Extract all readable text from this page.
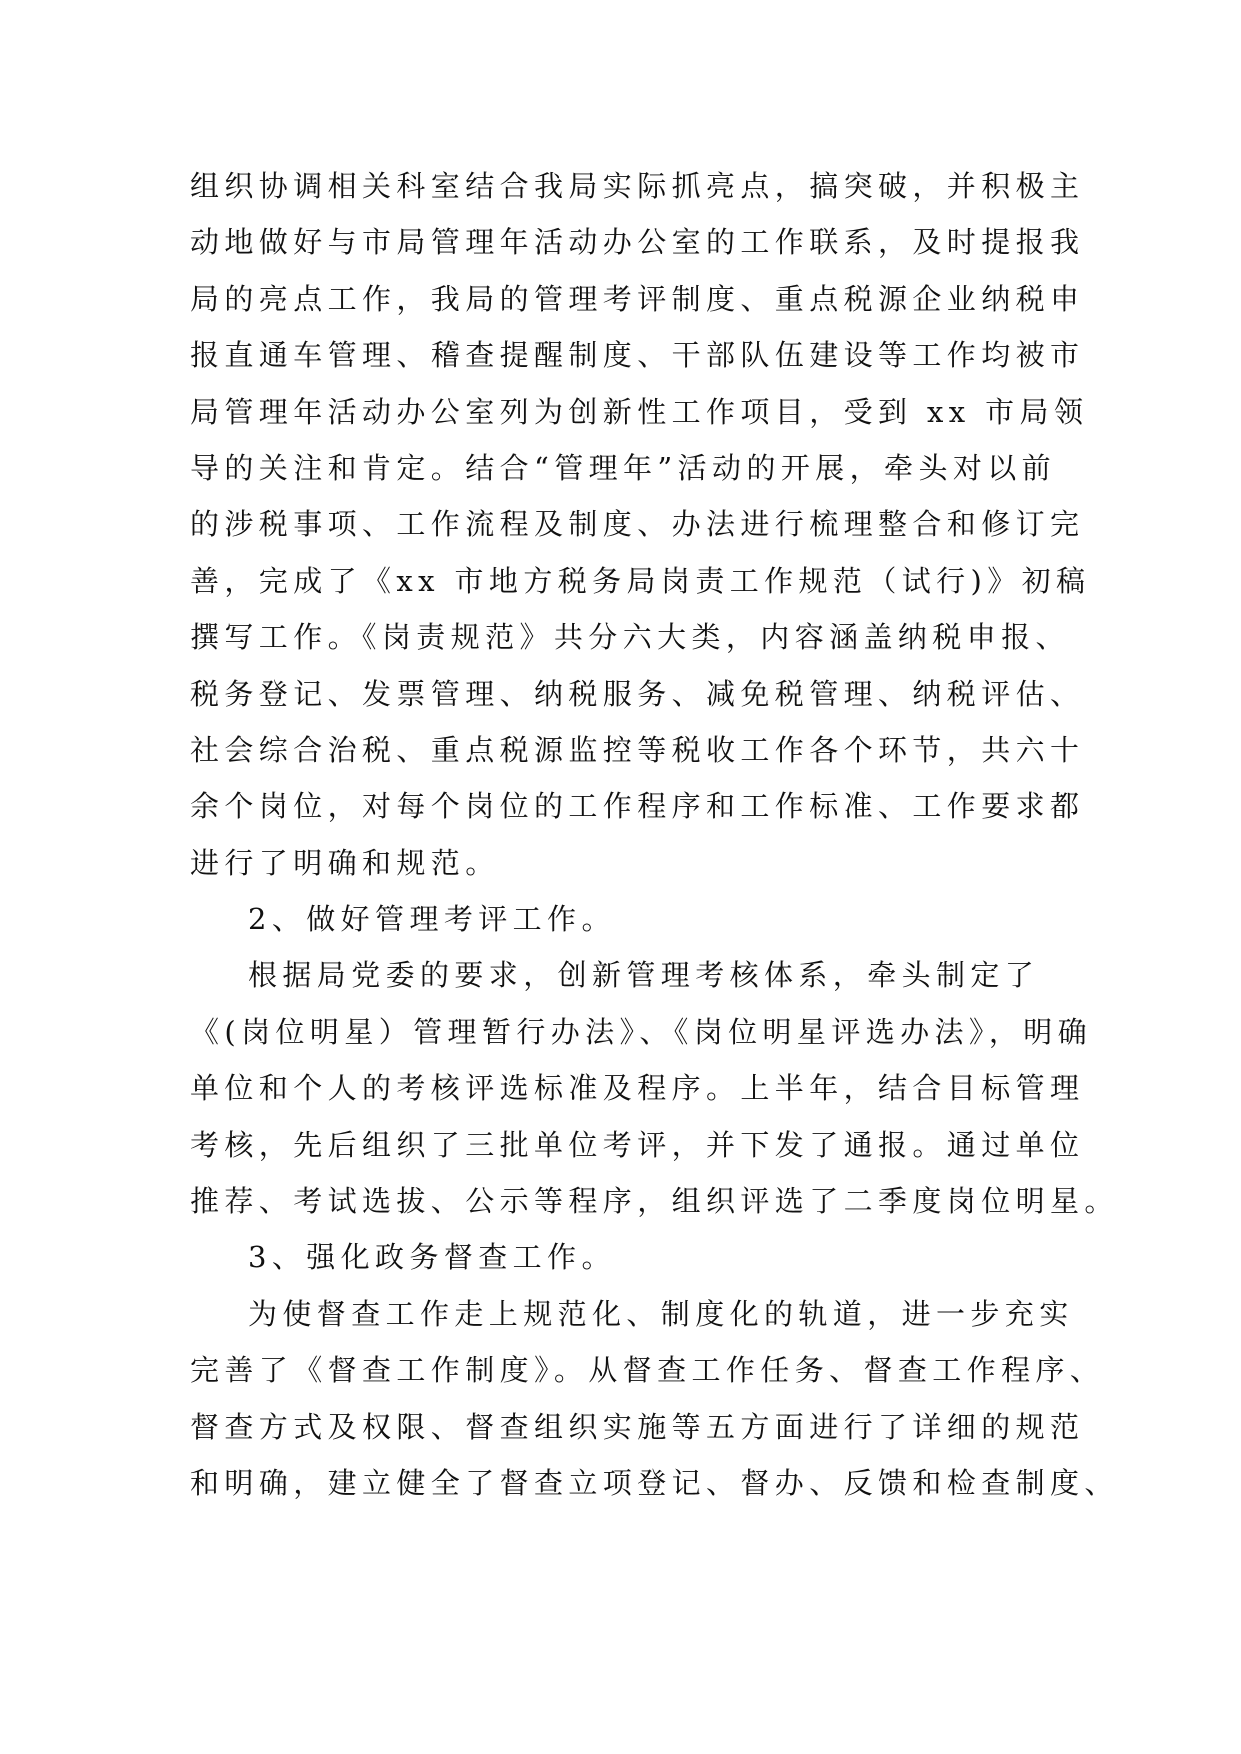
组织协调相关科室结合我局实际抓亮点，搞突破，并积极主
动地做好与市局管理年活动办公室的工作联系，及时提报我
局的亮点工作，我局的管理考评制度、重点税源企业纳税申
报直通车管理、稽查提醒制度、干部队伍建设等工作均被市
局管理年活动办公室列为创新性工作项目，受到 xx 市局领
导的关注和肯定。结合“管理年”活动的开展，牵头对以前
的涉税事项、工作流程及制度、办法进行梳理整合和修订完
善，完成了《xx 市地方税务局岗责工作规范（试行)》初稿
撰写工作。《岗责规范》共分六大类，内容涵盖纳税申报、
税务登记、发票管理、纳税服务、减免税管理、纳税评估、
社会综合治税、重点税源监控等税收工作各个环节，共六十
余个岗位，对每个岗位的工作程序和工作标准、工作要求都
进行了明确和规范。
2、做好管理考评工作。
根据局党委的要求，创新管理考核体系，牵头制定了
《(岗位明星）管理暂行办法》、《岗位明星评选办法》，明确
单位和个人的考核评选标准及程序。上半年，结合目标管理
考核，先后组织了三批单位考评，并下发了通报。通过单位
推荐、考试选拔、公示等程序，组织评选了二季度岗位明星。
3、强化政务督查工作。
为使督查工作走上规范化、制度化的轨道，进一步充实
完善了《督查工作制度》。从督查工作任务、督查工作程序、
督查方式及权限、督查组织实施等五方面进行了详细的规范
和明确，建立健全了督查立项登记、督办、反馈和检查制度、
